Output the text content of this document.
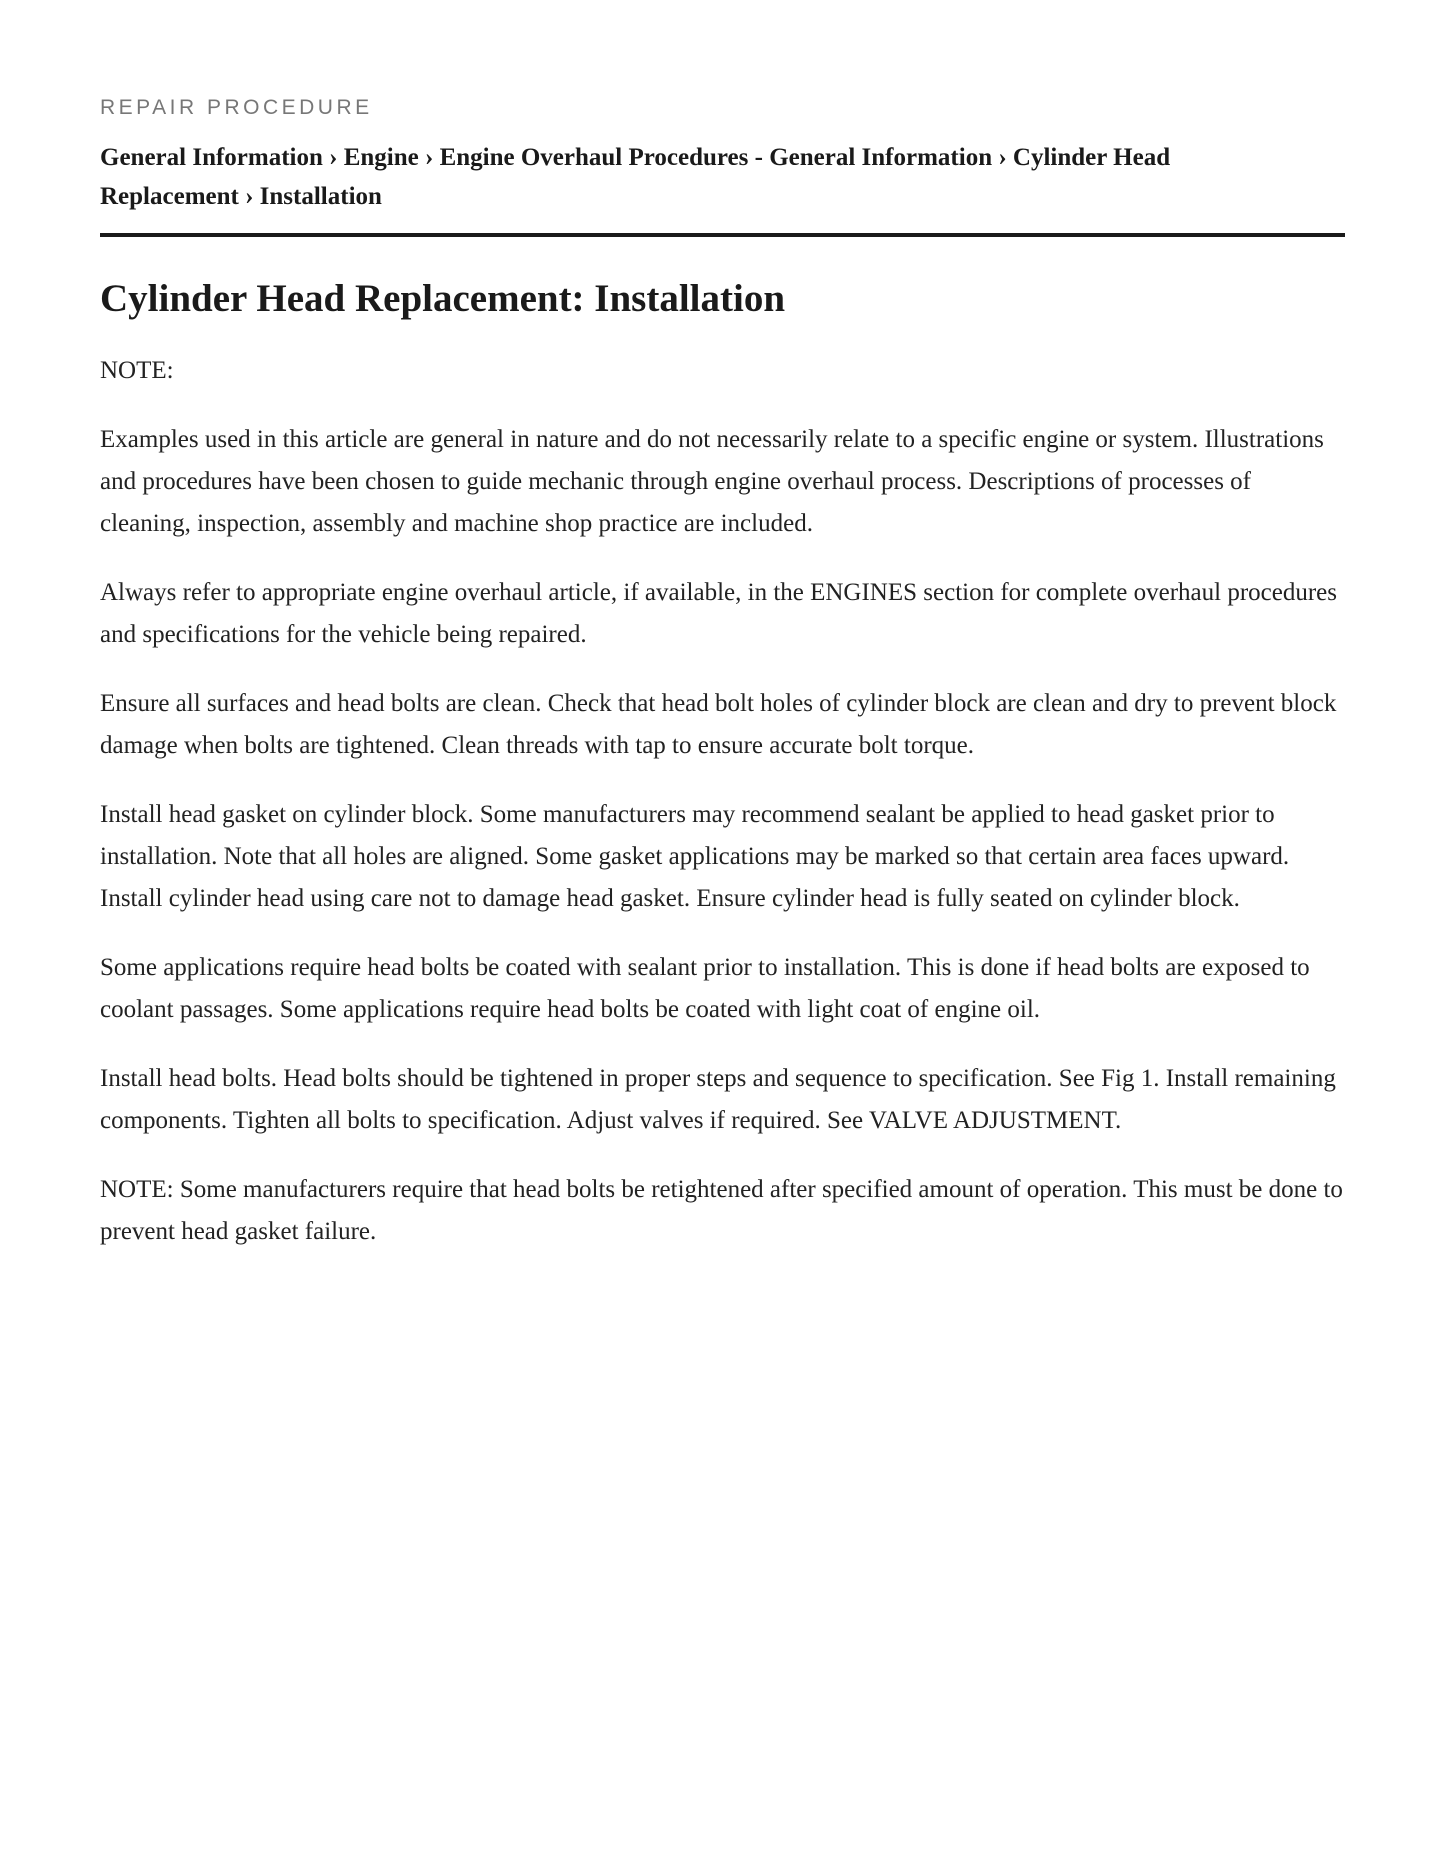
REPAIR PROCEDURE
General Information › Engine › Engine Overhaul Procedures - General Information › Cylinder Head Replacement › Installation
Cylinder Head Replacement: Installation

NOTE:

Examples used in this article are general in nature and do not necessarily relate to a specific engine or system. Illustrations and procedures have been chosen to guide mechanic through engine overhaul process. Descriptions of processes of cleaning, inspection, assembly and machine shop practice are included.

Always refer to appropriate engine overhaul article, if available, in the ENGINES section for complete overhaul procedures and specifications for the vehicle being repaired.

Ensure all surfaces and head bolts are clean. Check that head bolt holes of cylinder block are clean and dry to prevent block damage when bolts are tightened. Clean threads with tap to ensure accurate bolt torque.

Install head gasket on cylinder block. Some manufacturers may recommend sealant be applied to head gasket prior to installation. Note that all holes are aligned. Some gasket applications may be marked so that certain area faces upward. Install cylinder head using care not to damage head gasket. Ensure cylinder head is fully seated on cylinder block.

Some applications require head bolts be coated with sealant prior to installation. This is done if head bolts are exposed to coolant passages. Some applications require head bolts be coated with light coat of engine oil.

Install head bolts. Head bolts should be tightened in proper steps and sequence to specification. See Fig 1. Install remaining components. Tighten all bolts to specification. Adjust valves if required. See VALVE ADJUSTMENT.

NOTE: Some manufacturers require that head bolts be retightened after specified amount of operation. This must be done to prevent head gasket failure.
